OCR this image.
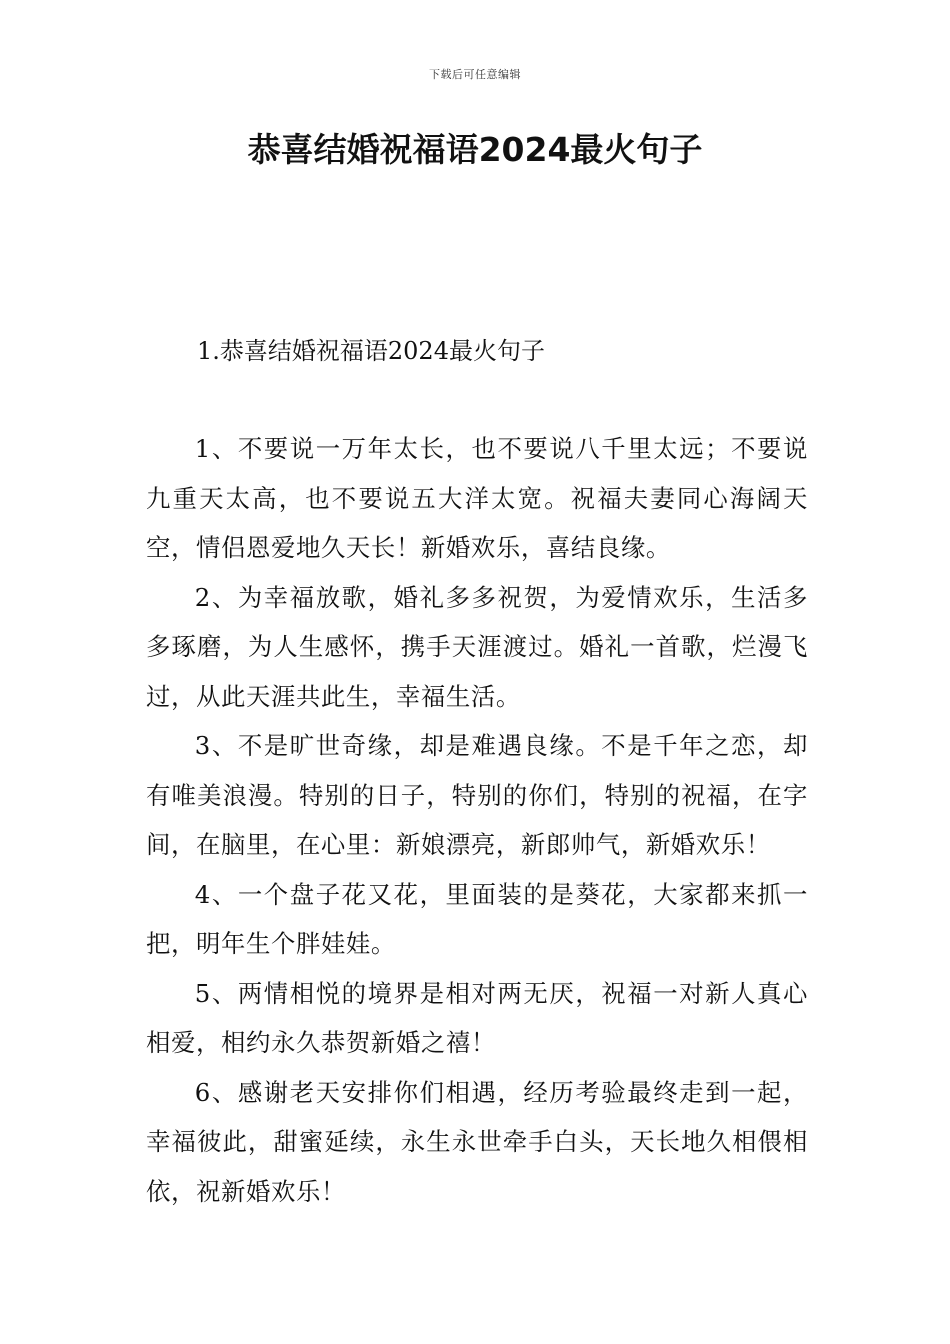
下载后可任意编辑
恭喜结婚祝福语2024最火句子
1.恭喜结婚祝福语2024最火句子

1、不要说一万年太长，也不要说八千里太远；不要说九重天太高，也不要说五大洋太宽。祝福夫妻同心海阔天空，情侣恩爱地久天长！新婚欢乐，喜结良缘。

2、为幸福放歌，婚礼多多祝贺，为爱情欢乐，生活多多琢磨，为人生感怀，携手天涯渡过。婚礼一首歌，烂漫飞过，从此天涯共此生，幸福生活。

3、不是旷世奇缘，却是难遇良缘。不是千年之恋，却有唯美浪漫。特别的日子，特别的你们，特别的祝福，在字间，在脑里，在心里：新娘漂亮，新郎帅气，新婚欢乐！

4、一个盘子花又花，里面装的是葵花，大家都来抓一把，明年生个胖娃娃。

5、两情相悦的境界是相对两无厌，祝福一对新人真心相爱，相约永久恭贺新婚之禧！

6、感谢老天安排你们相遇，经历考验最终走到一起，幸福彼此，甜蜜延续，永生永世牵手白头，天长地久相偎相依，祝新婚欢乐！
